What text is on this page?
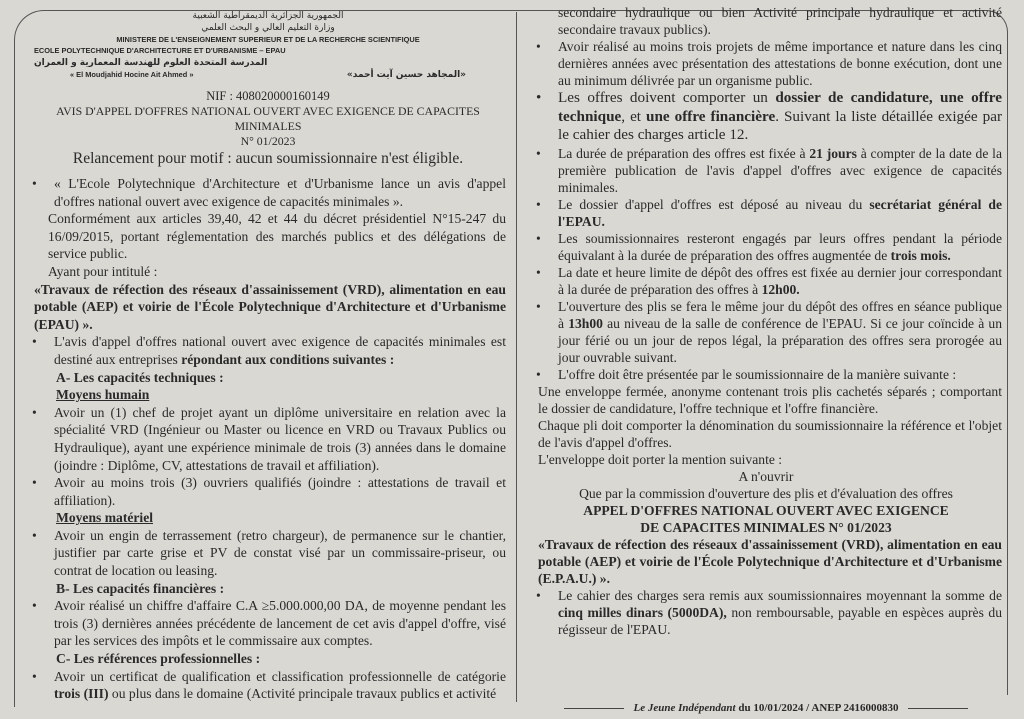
الجمهورية الجزائرية الديمقراطية الشعبية
وزارة التعليم العالي و البحث العلمي
MINISTERE DE L'ENSEIGNEMENT SUPERIEUR ET DE LA RECHERCHE SCIENTIFIQUE
ECOLE POLYTECHNIQUE D'ARCHITECTURE ET D'URBANISME – EPAU
المدرسة المتحدة العلوم للهندسة المعمارية و العمران
« El Moudjahid Hocine Ait Ahmed »	«المجاهد حسين آيت أحمد»
NIF : 408020000160149
AVIS D'APPEL D'OFFRES NATIONAL OUVERT AVEC EXIGENCE DE CAPACITES MINIMALES
N° 01/2023
Relancement pour motif : aucun soumissionnaire n'est éligible.

• « L'Ecole Polytechnique d'Architecture et d'Urbanisme lance un avis d'appel d'offres national ouvert avec exigence de capacités minimales ».

Conformément aux articles 39,40, 42 et 44 du décret présidentiel N°15-247 du 16/09/2015, portant réglementation des marchés publics et des délégations de service public.

Ayant pour intitulé :

«Travaux de réfection des réseaux d'assainissement (VRD), alimentation en eau potable (AEP) et voirie de l'École Polytechnique d'Architecture et d'Urbanisme (EPAU) ».

• L'avis d'appel d'offres national ouvert avec exigence de capacités minimales est destiné aux entreprises répondant aux conditions suivantes :

A- Les capacités techniques :

Moyens humain

• Avoir un (1) chef de projet ayant un diplôme universitaire en relation avec la spécialité VRD (Ingénieur ou Master ou licence en VRD ou Travaux Publics ou Hydraulique), ayant une expérience minimale de trois (3) années dans le domaine (joindre : Diplôme, CV, attestations de travail et affiliation).

• Avoir au moins trois (3) ouvriers qualifiés (joindre : attestations de travail et affiliation).

Moyens matériel

• Avoir un engin de terrassement (retro chargeur), de permanence sur le chantier, justifier par carte grise et PV de constat visé par un commissaire-priseur, ou contrat de location ou leasing.

B- Les capacités financières :

• Avoir réalisé un chiffre d'affaire C.A ≥5.000.000,00 DA, de moyenne pendant les trois (3) dernières années précédente de lancement de cet avis d'appel d'offre, visé par les services des impôts et le commissaire aux comptes.

C- Les références professionnelles :

• Avoir un certificat de qualification et classification professionnelle de catégorie trois (III) ou plus dans le domaine (Activité principale travaux publics et activité

secondaire hydraulique ou bien Activité principale hydraulique et activité secondaire travaux publics).

• Avoir réalisé au moins trois projets de même importance et nature dans les cinq dernières années avec présentation des attestations de bonne exécution, dont une au minimum délivrée par un organisme public.

• Les offres doivent comporter un dossier de candidature, une offre technique, et une offre financière. Suivant la liste détaillée exigée par le cahier des charges article 12.

• La durée de préparation des offres est fixée à 21 jours à compter de la date de la première publication de l'avis d'appel d'offres avec exigence de capacités minimales.

• Le dossier d'appel d'offres est déposé au niveau du secrétariat général de l'EPAU.

• Les soumissionnaires resteront engagés par leurs offres pendant la période équivalant à la durée de préparation des offres augmentée de trois mois.

• La date et heure limite de dépôt des offres est fixée au dernier jour correspondant à la durée de préparation des offres à 12h00.

• L'ouverture des plis se fera le même jour du dépôt des offres en séance publique à 13h00 au niveau de la salle de conférence de l'EPAU. Si ce jour coïncide à un jour férié ou un jour de repos légal, la préparation des offres sera prorogée au jour ouvrable suivant.

• L'offre doit être présentée par le soumissionnaire de la manière suivante :

Une enveloppe fermée, anonyme contenant trois plis cachetés séparés ; comportant le dossier de candidature, l'offre technique et l'offre financière.

Chaque pli doit comporter la dénomination du soumissionnaire la référence et l'objet de l'avis d'appel d'offres.

L'enveloppe doit porter la mention suivante :

A n'ouvrir

Que par la commission d'ouverture des plis et d'évaluation des offres

APPEL D'OFFRES NATIONAL OUVERT AVEC EXIGENCE

DE CAPACITES MINIMALES N° 01/2023

«Travaux de réfection des réseaux d'assainissement (VRD), alimentation en eau potable (AEP) et voirie de l'École Polytechnique d'Architecture et d'Urbanisme (E.P.A.U.) ».

• Le cahier des charges sera remis aux soumissionnaires moyennant la somme de cinq milles dinars (5000DA), non remboursable, payable en espèces auprès du régisseur de l'EPAU.

Le Jeune Indépendant du 10/01/2024 / ANEP 2416000830
